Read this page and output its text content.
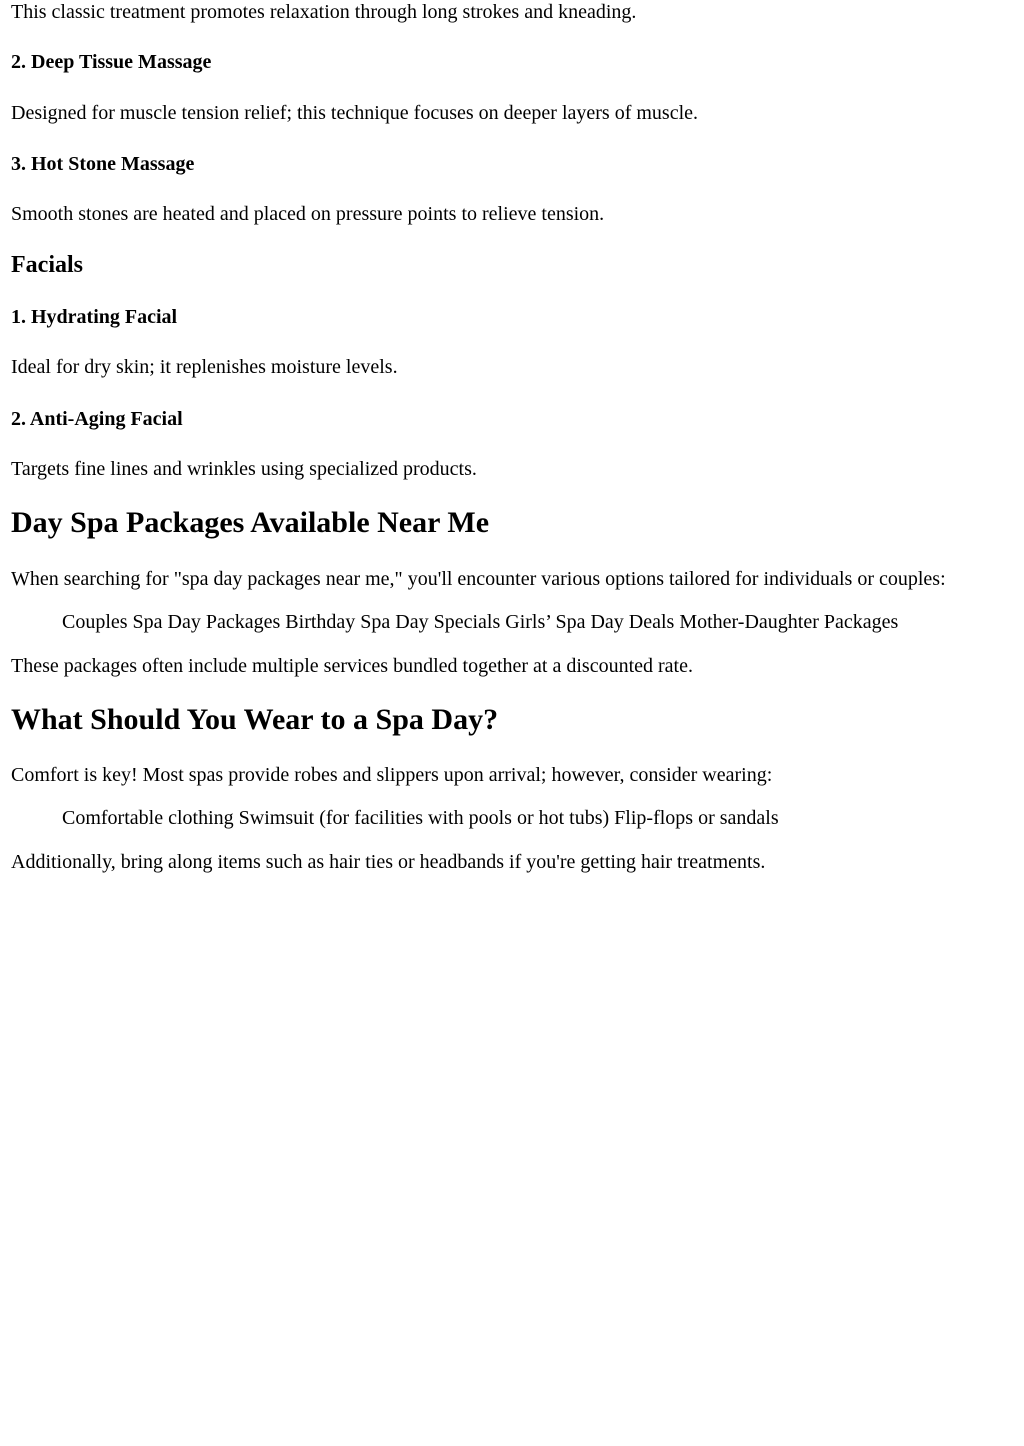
This classic treatment promotes relaxation through long strokes and kneading.

2. Deep Tissue Massage

Designed for muscle tension relief; this technique focuses on deeper layers of muscle.

3. Hot Stone Massage

Smooth stones are heated and placed on pressure points to relieve tension.

Facials
1. Hydrating Facial

Ideal for dry skin; it replenishes moisture levels.

2. Anti-Aging Facial

Targets fine lines and wrinkles using specialized products.

Day Spa Packages Available Near Me

When searching for "spa day packages near me," you'll encounter various options tailored for individuals or couples:

Couples Spa Day Packages Birthday Spa Day Specials Girls’ Spa Day Deals Mother-Daughter Packages

These packages often include multiple services bundled together at a discounted rate.

What Should You Wear to a Spa Day?

Comfort is key! Most spas provide robes and slippers upon arrival; however, consider wearing:

Comfortable clothing Swimsuit (for facilities with pools or hot tubs) Flip-flops or sandals

Additionally, bring along items such as hair ties or headbands if you're getting hair treatments.
